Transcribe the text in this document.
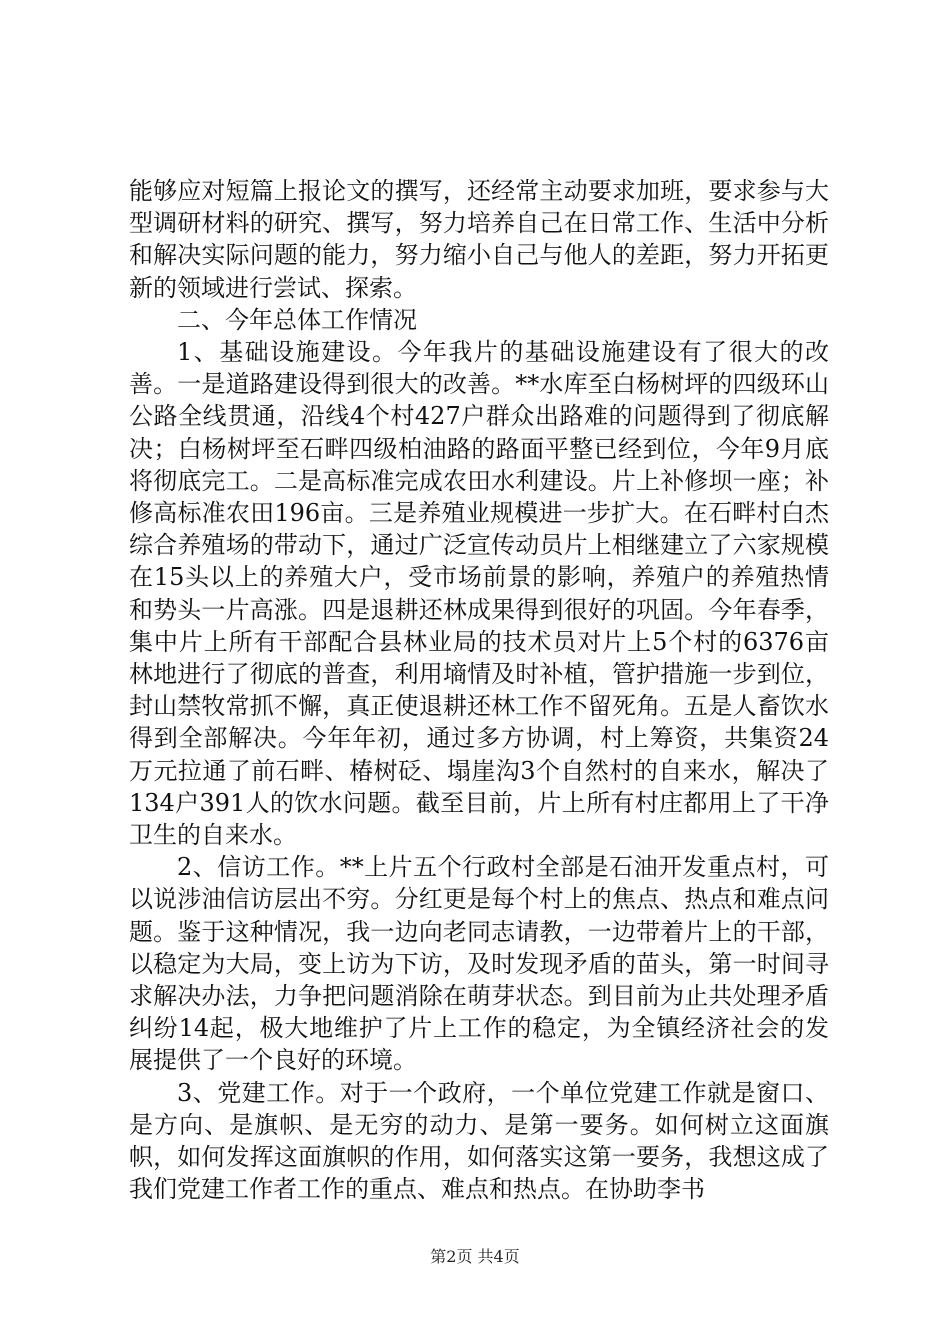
能够应对短篇上报论文的撰写，还经常主动要求加班，要求参与大型调研材料的研究、撰写，努力培养自己在日常工作、生活中分析和解决实际问题的能力，努力缩小自己与他人的差距，努力开拓更新的领域进行尝试、探索。

二、今年总体工作情况

1、基础设施建设。今年我片的基础设施建设有了很大的改善。一是道路建设得到很大的改善。**水库至白杨树坪的四级环山公路全线贯通，沿线4个村427户群众出路难的问题得到了彻底解决；白杨树坪至石畔四级柏油路的路面平整已经到位，今年9月底将彻底完工。二是高标准完成农田水利建设。片上补修坝一座；补修高标准农田196亩。三是养殖业规模进一步扩大。在石畔村白杰综合养殖场的带动下，通过广泛宣传动员片上相继建立了六家规模在15头以上的养殖大户，受市场前景的影响，养殖户的养殖热情和势头一片高涨。四是退耕还林成果得到很好的巩固。今年春季，集中片上所有干部配合县林业局的技术员对片上5个村的6376亩林地进行了彻底的普查，利用墒情及时补植，管护措施一步到位，封山禁牧常抓不懈，真正使退耕还林工作不留死角。五是人畜饮水得到全部解决。今年年初，通过多方协调，村上筹资，共集资24万元拉通了前石畔、椿树砭、塌崖沟3个自然村的自来水，解决了134户391人的饮水问题。截至目前，片上所有村庄都用上了干净卫生的自来水。

2、信访工作。**上片五个行政村全部是石油开发重点村，可以说涉油信访层出不穷。分红更是每个村上的焦点、热点和难点问题。鉴于这种情况，我一边向老同志请教，一边带着片上的干部，以稳定为大局，变上访为下访，及时发现矛盾的苗头，第一时间寻求解决办法，力争把问题消除在萌芽状态。到目前为止共处理矛盾纠纷14起，极大地维护了片上工作的稳定，为全镇经济社会的发展提供了一个良好的环境。

3、党建工作。对于一个政府，一个单位党建工作就是窗口、是方向、是旗帜、是无穷的动力、是第一要务。如何树立这面旗帜，如何发挥这面旗帜的作用，如何落实这第一要务，我想这成了我们党建工作者工作的重点、难点和热点。在协助李书

第2页 共4页
